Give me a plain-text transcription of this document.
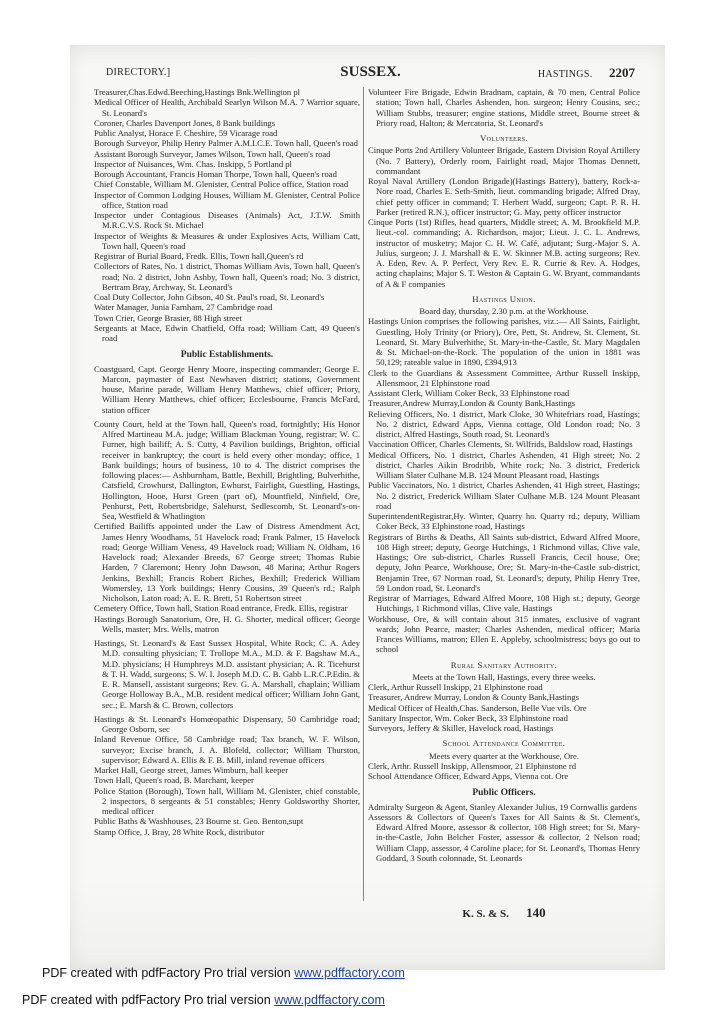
DIRECTORY.]	SUSSEX.	HASTINGS. 2207

Treasurer,Chas.Edwd.Beeching,Hastings Bnk.Wellington pl

Medical Officer of Health, Archibald Searlyn Wilson M.A. 7 Warrior square, St. Leonard's

Coroner, Charles Davenport Jones, 8 Bank buildings

Public Analyst, Horace F. Cheshire, 59 Vicarage road

Borough Surveyor, Philip Henry Palmer A.M.I.C.E. Town hall, Queen's road

Assistant Borough Surveyor, James Wilson, Town hall, Queen's road

Inspector of Nuisances, Wm. Chas. Inskipp, 5 Portland pl

Borough Accountant, Francis Homan Thorpe, Town hall, Queen's road

Chief Constable, William M. Glenister, Central Police office, Station road

Inspector of Common Lodging Houses, William M. Glenister, Central Police office, Station road

Inspector under Contagious Diseases (Animals) Act, J.T.W. Smith M.R.C.V.S. Rock St. Michael

Inspector of Weights & Measures & under Explosives Acts, William Catt, Town hall, Queen's road

Registrar of Burial Board, Fredk. Ellis, Town hall,Queen's rd

Collectors of Rates, No. 1 district, Thomas William Avis, Town hall, Queen's road; No. 2 district, John Ashby, Town hall, Queen's road; No. 3 district, Bertram Bray, Archway, St. Leonard's

Coal Duty Collector, John Gibson, 40 St. Paul's road, St. Leonard's

Water Manager, Junia Farnham, 27 Cambridge road

Town Crier, George Brasier, 88 High street

Sergeants at Mace, Edwin Chatfield, Offa road; William Catt, 49 Queen's road

Public Establishments.

Coastguard, Capt. George Henry Moore, inspecting commander; George E. Marcon, paymaster of East Newhaven district; stations, Government house, Marine parade, William Henry Matthews, chief officer; Priory, William Henry Matthews, chief officer; Ecclesbourne, Francis McFard, station officer

County Court, held at the Town hall, Queen's road, fortnightly; His Honor Alfred Martineau M.A. judge; William Blackman Young, registrar; W. C. Furner, high bailiff; A. S. Cutty, 4 Pavilion buildings, Brighton, official receiver in bankruptcy; the court is held every other monday; office, 1 Bank buildings; hours of business, 10 to 4. The district comprises the following places:— Ashburnham, Battle, Bexhill, Brightling, Bulverhithe, Catsfield, Crowhurst, Dallington, Ewhurst, Fairlight, Guestling, Hastings, Hollington, Hooe, Hurst Green (part of), Mountfield, Ninfield, Ore, Penhurst, Pett, Robertsbridge, Salehurst, Sedlescomb, St. Leonard's-on-Sea, Westfield & Whatlington

Certified Bailiffs appointed under the Law of Distress Amendment Act, James Henry Woodhams, 51 Havelock road; Frank Palmer, 15 Havelock road; George William Veness, 49 Havelock road; William N. Oldham, 16 Havelock road; Alexander Breeds, 67 George street; Thomas Rubie Harden, 7 Claremont; Henry John Dawson, 48 Marina; Arthur Rogers Jenkins, Bexhill; Francis Robert Riches, Bexhill; Frederick William Womersley, 13 York buildings; Henry Cousins, 39 Queen's rd.; Ralph Nicholson, Laton road; A. E. R. Brett, 51 Robertson street

Cemetery Office, Town hall, Station Road entrance, Fredk. Ellis, registrar

Hastings Borough Sanatorium, Ore, H. G. Shorter, medical officer; George Wells, master; Mrs. Wells, matron

Hastings, St. Leonard's & East Sussex Hospital, White Rock; C. A. Adey M.D. consulting physician; T. Trollope M.A., M.D. & F. Bagshaw M.A., M.D. physicians; H Humphreys M.D. assistant physician; A. R. Ticehurst & T. H. Wadd, surgeons; S. W. I. Joseph M.D. C. B. Gabb L.R.C.P.Edin. & E. R. Mansell, assistant surgeons; Rev. G. A. Marshall, chaplain; William George Holloway B.A., M.B. resident medical officer; William John Gant, sec.; E. Marsh & C. Brown, collectors

Hastings & St. Leonard's Homœopathic Dispensary, 50 Cambridge road; George Osborn, sec

Inland Revenue Office, 58 Cambridge road; Tax branch, W. F. Wilson, surveyor; Excise branch, J. A. Blofeld, collector; William Thurston, supervisor; Edward A. Ellis & F. B. Mill, inland revenue officers

Market Hall, George street, James Wimburn, hall keeper

Town Hall, Queen's road, B. Marchant, keeper

Police Station (Borough), Town hall, William M. Glenister, chief constable, 2 inspectors, 8 sergeants & 51 constables; Henry Goldsworthy Shorter, medical officer

Public Baths & Washhouses, 23 Bourne st. Geo. Benton,supt

Stamp Office, J. Bray, 28 White Rock, distributor

Volunteer Fire Brigade, Edwin Bradnam, captain, & 70 men, Central Police station; Town hall, Charles Ashenden, hon. surgeon; Henry Cousins, sec.; William Stubbs, treasurer; engine stations, Middle street, Bourne street & Priory road, Halton; & Mercatoria, St. Leonard's

Volunteers.

Cinque Ports 2nd Artillery Volunteer Brigade, Eastern Division Royal Artillery (No. 7 Battery), Orderly room, Fairlight road, Major Thomas Dennett, commandant

Royal Naval Artillery (London Brigade)(Hastings Battery), battery, Rock-a-Nore road, Charles E. Seth-Smith, lieut. commanding brigade; Alfred Dray, chief petty officer in command; T. Herbert Wadd, surgeon; Capt. P. R. H. Parker (retired R.N.), officer instructor; G. May, petty officer instructor

Cinque Ports (1st) Rifles, head quarters, Middle street; A. M. Brookfield M.P. lieut.-col. commanding; A. Richardson, major; Lieut. J. C. L. Andrews, instructor of musketry; Major C. H. W. Café, adjutant; Surg.-Major S. A. Julius, surgeon; J. J. Marshall & E. W. Skinner M.B. acting surgeons; Rev. A. Eden, Rev. A. P. Perfect, Very Rev. E. R. Currie & Rev. A. Hodges, acting chaplains; Major S. T. Weston & Captain G. W. Bryant, commandants of A & F companies

Hastings Union.

Board day, thursday, 2.30 p.m. at the Workhouse.

Hastings Union comprises the following parishes, viz.:— All Saints, Fairlight, Guestling, Holy Trinity (or Priory), Ore, Pett, St. Andrew, St. Clement, St. Leonard, St. Mary Bulverhithe, St. Mary-in-the-Castle, St. Mary Magdalen & St. Michael-on-the-Rock. The population of the union in 1881 was 50,129; rateable value in 1890, £394,913

Clerk to the Guardians & Assessment Committee, Arthur Russell Inskipp, Allensmoor, 21 Elphinstone road

Assistant Clerk, William Coker Beck, 33 Elphinstone road

Treasurer,Andrew Murray,London & County Bank,Hastings

Relieving Officers, No. 1 district, Mark Cloke, 30 Whitefriars road, Hastings; No. 2 district, Edward Apps, Vienna cottage, Old London road; No. 3 district, Alfred Hastings, South road, St. Leonard's

Vaccination Officer, Charles Clements, St. Wilfrids, Baldslow road, Hastings

Medical Officers, No. 1 district, Charles Ashenden, 41 High street; No. 2 district, Charles Aikin Brodribb, White rock; No. 3 district, Frederick William Slater Culhane M.B. 124 Mount Pleasant road, Hastings

Public Vaccinators, No. 1 district, Charles Ashenden, 41 High street, Hastings; No. 2 district, Frederick William Slater Culhane M.B. 124 Mount Pleasant road

SuperintendentRegistrar,Hy. Winter, Quarry ho. Quarry rd.; deputy, William Coker Beck, 33 Elphinstone road, Hastings

Registrars of Births & Deaths, All Saints sub-district, Edward Alfred Moore, 108 High street; deputy, George Hutchings, 1 Richmond villas, Clive vale, Hastings; Ore sub-district, Charles Russell Francis, Cecil house, Ore; deputy, John Pearce, Workhouse, Ore; St. Mary-in-the-Castle sub-district, Benjamin Tree, 67 Norman road, St. Leonard's; deputy, Philip Henry Tree, 59 London road, St. Leonard's

Registrar of Marriages, Edward Alfred Moore, 108 High st.; deputy, George Hutchings, 1 Richmond villas, Clive vale, Hastings

Workhouse, Ore, & will contain about 315 inmates, exclusive of vagrant wards; John Pearce, master; Charles Ashenden, medical officer; Maria Frances Williams, matron; Ellen E. Appleby, schoolmistress; boys go out to school

Rural Sanitary Authority.

Meets at the Town Hall, Hastings, every three weeks.

Clerk, Arthur Russell Inskipp, 21 Elphinstone road

Treasurer, Andrew Murray, London & County Bank,Hastings

Medical Officer of Health,Chas. Sanderson, Belle Vue vils. Ore

Sanitary Inspector, Wm. Coker Beck, 33 Elphinstone road

Surveyors, Jeffery & Skiller, Havelock road, Hastings

School Attendance Committee.

Meets every quarter at the Workhouse, Ore.

Clerk, Arthr. Russell Inskipp, Allensmoor, 21 Elphinstone rd

School Attendance Officer, Edward Apps, Vienna cot. Ore

Public Officers.

Admiralty Surgeon & Agent, Stanley Alexander Julius, 19 Cornwallis gardens

Assessors & Collectors of Queen's Taxes for All Saints & St. Clement's, Edward Alfred Moore, assessor & collector, 108 High street; for St. Mary-in-the-Castle, John Belcher Foster, assessor & collector, 2 Nelson road; William Clapp, assessor, 4 Caroline place; for St. Leonard's, Thomas Henry Goddard, 3 South colonnade, St. Leonards

K. S. & S. 140
PDF created with pdfFactory Pro trial version www.pdffactory.com
PDF created with pdfFactory Pro trial version www.pdffactory.com
